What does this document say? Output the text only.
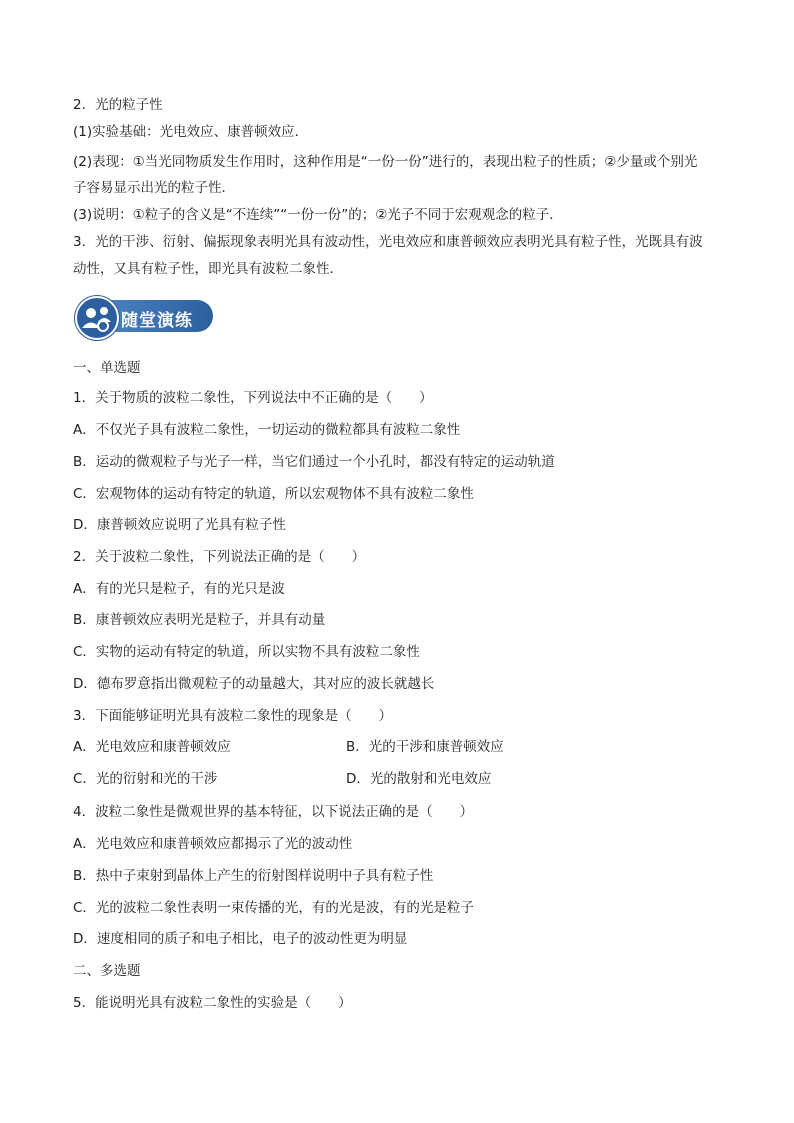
2．光的粒子性
(1)实验基础：光电效应、康普顿效应．
(2)表现：①当光同物质发生作用时，这种作用是“一份一份”进行的，表现出粒子的性质；②少量或个别光
子容易显示出光的粒子性．
(3)说明：①粒子的含义是“不连续”“一份一份”的；②光子不同于宏观观念的粒子．
3．光的干涉、衍射、偏振现象表明光具有波动性，光电效应和康普顿效应表明光具有粒子性，光既具有波
动性，又具有粒子性，即光具有波粒二象性．
随堂演练
一、单选题
1．关于物质的波粒二象性，下列说法中不正确的是（　　）
A．不仅光子具有波粒二象性，一切运动的微粒都具有波粒二象性
B．运动的微观粒子与光子一样，当它们通过一个小孔时，都没有特定的运动轨道
C．宏观物体的运动有特定的轨道，所以宏观物体不具有波粒二象性
D．康普顿效应说明了光具有粒子性
2．关于波粒二象性，下列说法正确的是（　　）
A．有的光只是粒子，有的光只是波
B．康普顿效应表明光是粒子，并具有动量
C．实物的运动有特定的轨道，所以实物不具有波粒二象性
D．德布罗意指出微观粒子的动量越大，其对应的波长就越长
3．下面能够证明光具有波粒二象性的现象是（　　）
A．光电效应和康普顿效应	B．光的干涉和康普顿效应
C．光的衍射和光的干涉	D．光的散射和光电效应
4．波粒二象性是微观世界的基本特征，以下说法正确的是（　　）
A．光电效应和康普顿效应都揭示了光的波动性
B．热中子束射到晶体上产生的衍射图样说明中子具有粒子性
C．光的波粒二象性表明一束传播的光，有的光是波，有的光是粒子
D．速度相同的质子和电子相比，电子的波动性更为明显
二、多选题
5．能说明光具有波粒二象性的实验是（　　）
